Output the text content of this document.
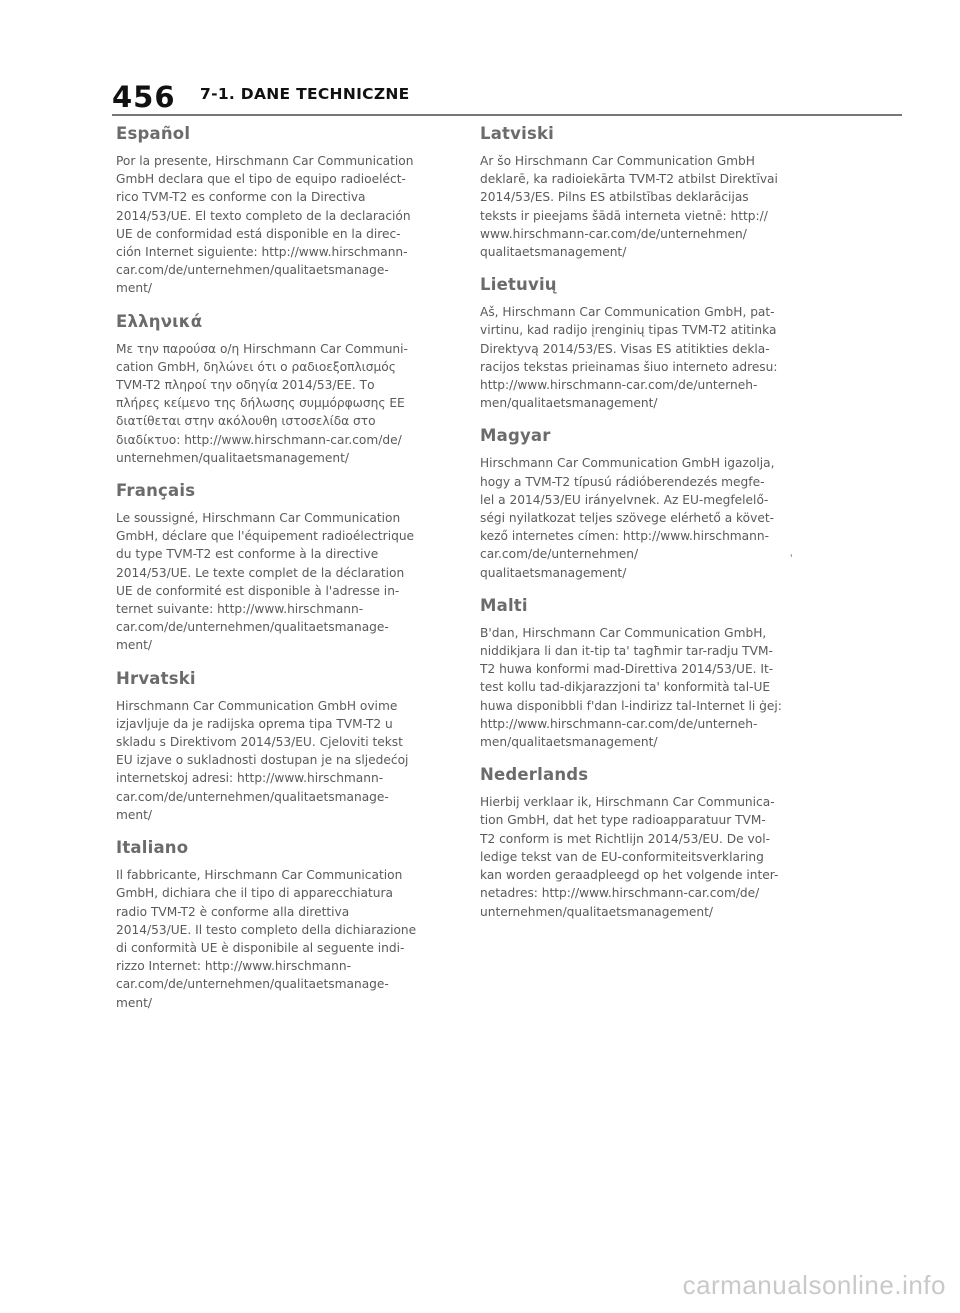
456 7-1. DANE TECHNICZNE
Español

Por la presente, Hirschmann Car Communication
GmbH declara que el tipo de equipo radioeléct-
rico TVM-T2 es conforme con la Directiva
2014/53/UE. El texto completo de la declaración
UE de conformidad está disponible en la direc-
ción Internet siguiente: http://www.hirschmann-
car.com/de/unternehmen/qualitaetsmanage-
ment/

Ελληνικά

Με την παρούσα ο/η Hirschmann Car Communi-
cation GmbH, δηλώνει ότι ο ραδιοεξοπλισμός
TVM-T2 πληροί την οδηγία 2014/53/ΕΕ. Το
πλήρες κείμενο της δήλωσης συμμόρφωσης ΕΕ
διατίθεται στην ακόλουθη ιστοσελίδα στο
διαδίκτυο: http://www.hirschmann-car.com/de/
unternehmen/qualitaetsmanagement/

Français

Le soussigné, Hirschmann Car Communication
GmbH, déclare que l'équipement radioélectrique
du type TVM-T2 est conforme à la directive
2014/53/UE. Le texte complet de la déclaration
UE de conformité est disponible à l'adresse in-
ternet suivante: http://www.hirschmann-
car.com/de/unternehmen/qualitaetsmanage-
ment/

Hrvatski

Hirschmann Car Communication GmbH ovime
izjavljuje da je radijska oprema tipa TVM-T2 u
skladu s Direktivom 2014/53/EU. Cjeloviti tekst
EU izjave o sukladnosti dostupan je na sljedećoj
internetskoj adresi: http://www.hirschmann-
car.com/de/unternehmen/qualitaetsmanage-
ment/

Italiano

Il fabbricante, Hirschmann Car Communication
GmbH, dichiara che il tipo di apparecchiatura
radio TVM-T2 è conforme alla direttiva
2014/53/UE. Il testo completo della dichiarazione
di conformità UE è disponibile al seguente indi-
rizzo Internet: http://www.hirschmann-
car.com/de/unternehmen/qualitaetsmanage-
ment/

Latviski

Ar šo Hirschmann Car Communication GmbH
deklarē, ka radioiekārta TVM-T2 atbilst Direktīvai
2014/53/ES. Pilns ES atbilstības deklarācijas
teksts ir pieejams šādā interneta vietnē: http://
www.hirschmann-car.com/de/unternehmen/
qualitaetsmanagement/

Lietuvių

Aš, Hirschmann Car Communication GmbH, pat-
virtinu, kad radijo įrenginių tipas TVM-T2 atitinka
Direktyvą 2014/53/ES. Visas ES atitikties dekla-
racijos tekstas prieinamas šiuo interneto adresu:
http://www.hirschmann-car.com/de/unterneh-
men/qualitaetsmanagement/

Magyar

Hirschmann Car Communication GmbH igazolja,
hogy a TVM-T2 típusú rádióberendezés megfe-
lel a 2014/53/EU irányelvnek. Az EU-megfelelő-
ségi nyilatkozat teljes szövege elérhető a követ-
kező internetes címen: http://www.hirschmann-
car.com/de/unternehmen/
qualitaetsmanagement/

Malti

B'dan, Hirschmann Car Communication GmbH,
niddikjara li dan it-tip ta' tagħmir tar-radju TVM-
T2 huwa konformi mad-Direttiva 2014/53/UE. It-
test kollu tad-dikjarazzjoni ta' konformità tal-UE
huwa disponibbli f'dan l-indirizz tal-Internet li ġej:
http://www.hirschmann-car.com/de/unterneh-
men/qualitaetsmanagement/

Nederlands

Hierbij verklaar ik, Hirschmann Car Communica-
tion GmbH, dat het type radioapparatuur TVM-
T2 conform is met Richtlijn 2014/53/EU. De vol-
ledige tekst van de EU-conformiteitsverklaring
kan worden geraadpleegd op het volgende inter-
netadres: http://www.hirschmann-car.com/de/
unternehmen/qualitaetsmanagement/

ʼ
carmanualsonline.info
